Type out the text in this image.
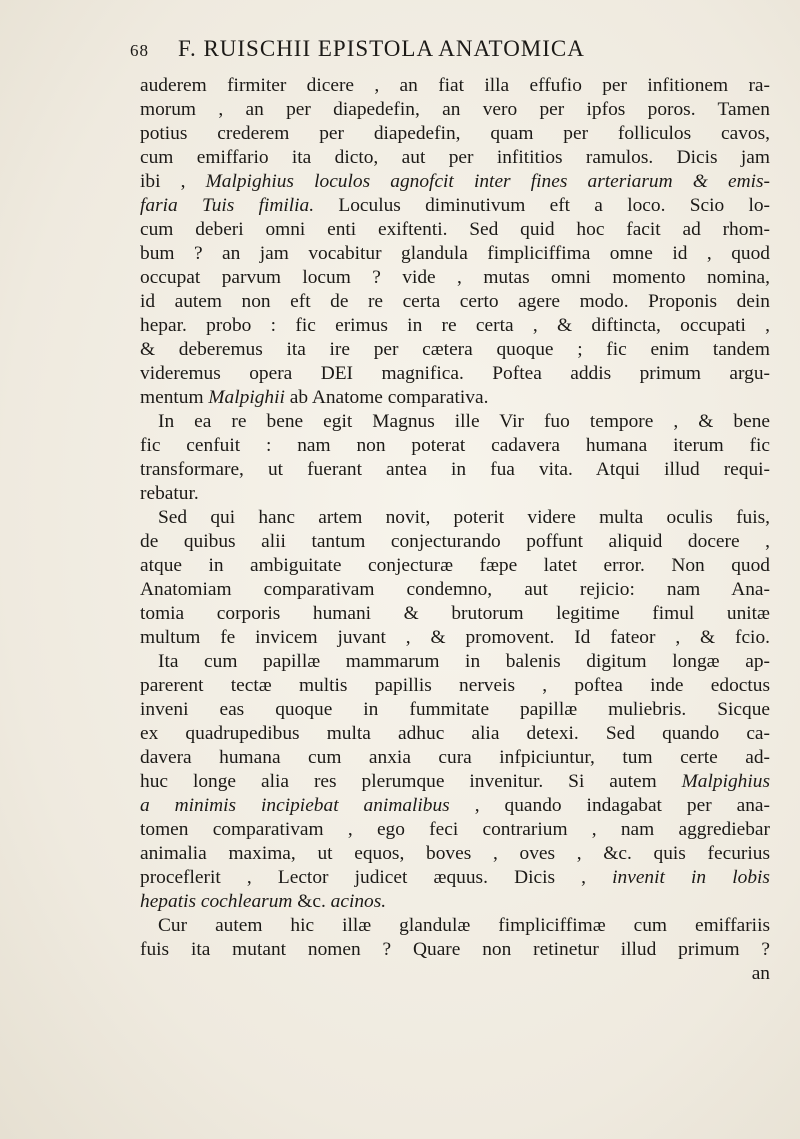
68	F. RUISCHII EPISTOLA ANATOMICA
auderem firmiter dicere , an fiat illa effufio per infitionem ra-
morum , an per diapedefin, an vero per ipfos poros. Tamen
potius crederem per diapedefin, quam per folliculos cavos,
cum emiffario ita dicto, aut per infititios ramulos. Dicis jam
ibi , Malpighius loculos agnofcit inter fines arteriarum & emis-
faria Tuis fimilia. Loculus diminutivum eft a loco. Scio lo-
cum deberi omni enti exiftenti. Sed quid hoc facit ad rhom-
bum ? an jam vocabitur glandula fimpliciffima omne id , quod
occupat parvum locum ? vide , mutas omni momento nomina,
id autem non eft de re certa certo agere modo. Proponis dein
hepar. probo : fic erimus in re certa , & diftincta, occupati ,
& deberemus ita ire per cætera quoque ; fic enim tandem
videremus opera DEI magnifica. Poftea addis primum argu-
mentum Malpighii ab Anatome comparativa.
In ea re bene egit Magnus ille Vir fuo tempore , & bene
fic cenfuit : nam non poterat cadavera humana iterum fic
transformare, ut fuerant antea in fua vita. Atqui illud requi-
rebatur.
Sed qui hanc artem novit, poterit videre multa oculis fuis,
de quibus alii tantum conjecturando poffunt aliquid docere ,
atque in ambiguitate conjecturæ fæpe latet error. Non quod
Anatomiam comparativam condemno, aut rejicio: nam Ana-
tomia corporis humani & brutorum legitime fimul unitæ
multum fe invicem juvant , & promovent. Id fateor , & fcio.
Ita cum papillæ mammarum in balenis digitum longæ ap-
parerent tectæ multis papillis nerveis , poftea inde edoctus
inveni eas quoque in fummitate papillæ muliebris. Sicque
ex quadrupedibus multa adhuc alia detexi. Sed quando ca-
davera humana cum anxia cura infpiciuntur, tum certe ad-
huc longe alia res plerumque invenitur. Si autem Malpighius
a minimis incipiebat animalibus , quando indagabat per ana-
tomen comparativam , ego feci contrarium , nam aggrediebar
animalia maxima, ut equos, boves , oves , &c. quis fecurius
proceflerit , Lector judicet æquus. Dicis , invenit in lobis
hepatis cochlearum &c. acinos.
Cur autem hic illæ glandulæ fimpliciffimæ cum emiffariis
fuis ita mutant nomen ? Quare non retinetur illud primum ?
an
